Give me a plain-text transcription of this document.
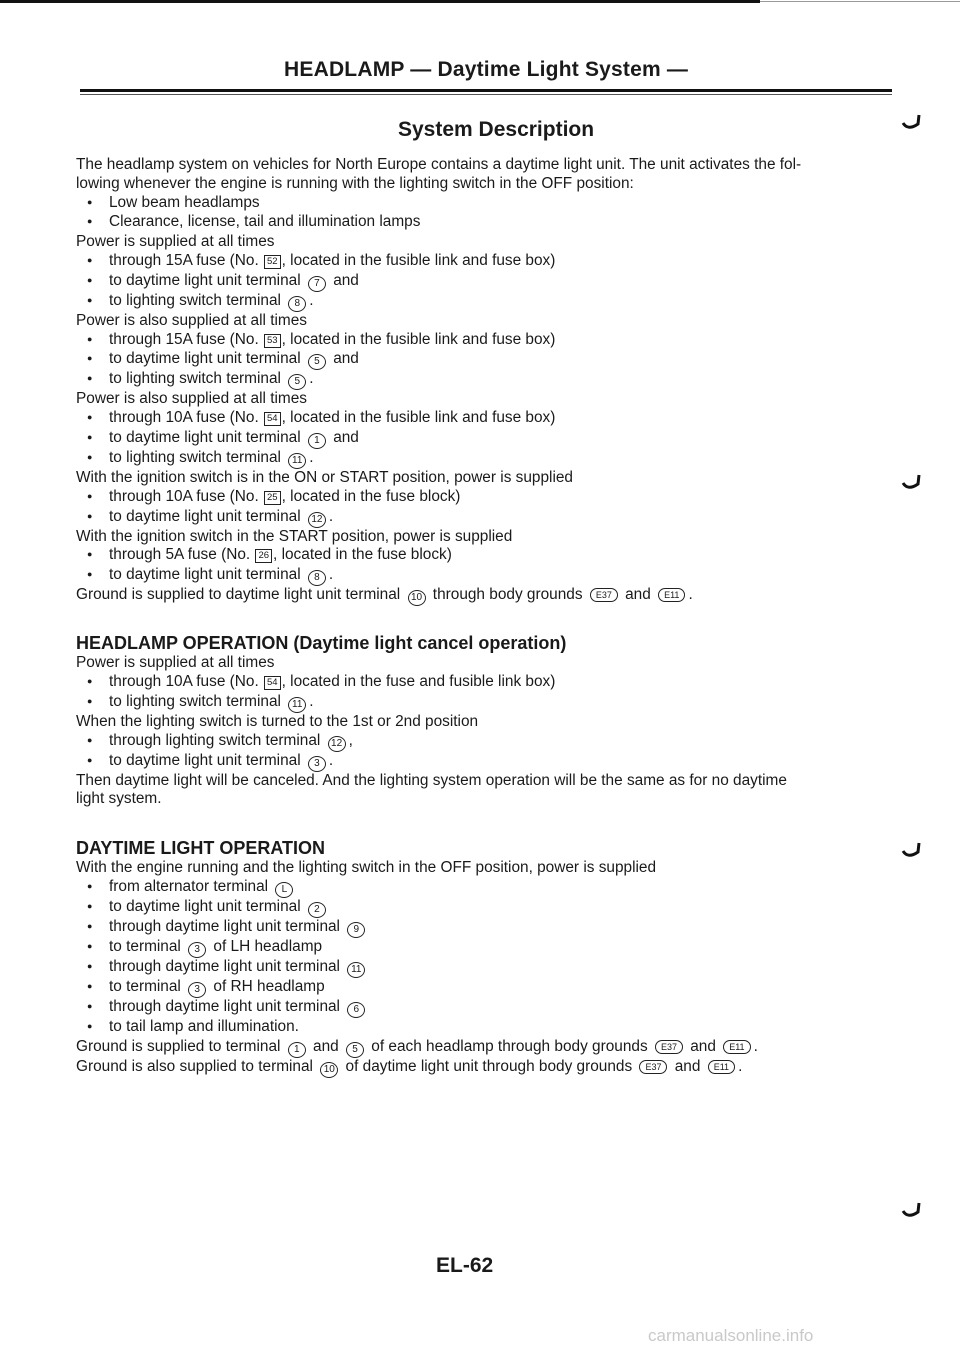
HEADLAMP — Daytime Light System —
System Description
The headlamp system on vehicles for North Europe contains a daytime light unit. The unit activates the fol-
lowing whenever the engine is running with the lighting switch in the OFF position:
● Low beam headlamps
● Clearance, license, tail and illumination lamps
Power is supplied at all times
● through 15A fuse (No. 52 , located in the fusible link and fuse box)
● to daytime light unit terminal 7 and
● to lighting switch terminal 8 .
Power is also supplied at all times
● through 15A fuse (No. 53 , located in the fusible link and fuse box)
● to daytime light unit terminal 5 and
● to lighting switch terminal 5 .
Power is also supplied at all times
● through 10A fuse (No. 54 , located in the fusible link and fuse box)
● to daytime light unit terminal 1 and
● to lighting switch terminal 11 .
With the ignition switch is in the ON or START position, power is supplied
● through 10A fuse (No. 25 , located in the fuse block)
● to daytime light unit terminal 12 .
With the ignition switch in the START position, power is supplied
● through 5A fuse (No. 26 , located in the fuse block)
● to daytime light unit terminal 8 .
Ground is supplied to daytime light unit terminal 10 through body grounds E37 and E11 .
HEADLAMP OPERATION (Daytime light cancel operation)
Power is supplied at all times
● through 10A fuse (No. 54 , located in the fuse and fusible link box)
● to lighting switch terminal 11 .
When the lighting switch is turned to the 1st or 2nd position
● through lighting switch terminal 12 ,
● to daytime light unit terminal 3 .
Then daytime light will be canceled. And the lighting system operation will be the same as for no daytime
light system.
DAYTIME LIGHT OPERATION
With the engine running and the lighting switch in the OFF position, power is supplied
● from alternator terminal L
● to daytime light unit terminal 2
● through daytime light unit terminal 9
● to terminal 3 of LH headlamp
● through daytime light unit terminal 11
● to terminal 3 of RH headlamp
● through daytime light unit terminal 6
● to tail lamp and illumination.
Ground is supplied to terminal 1 and 5 of each headlamp through body grounds E37 and E11 .
Ground is also supplied to terminal 10 of daytime light unit through body grounds E37 and E11 .
EL-62
carmanualsonline.info
